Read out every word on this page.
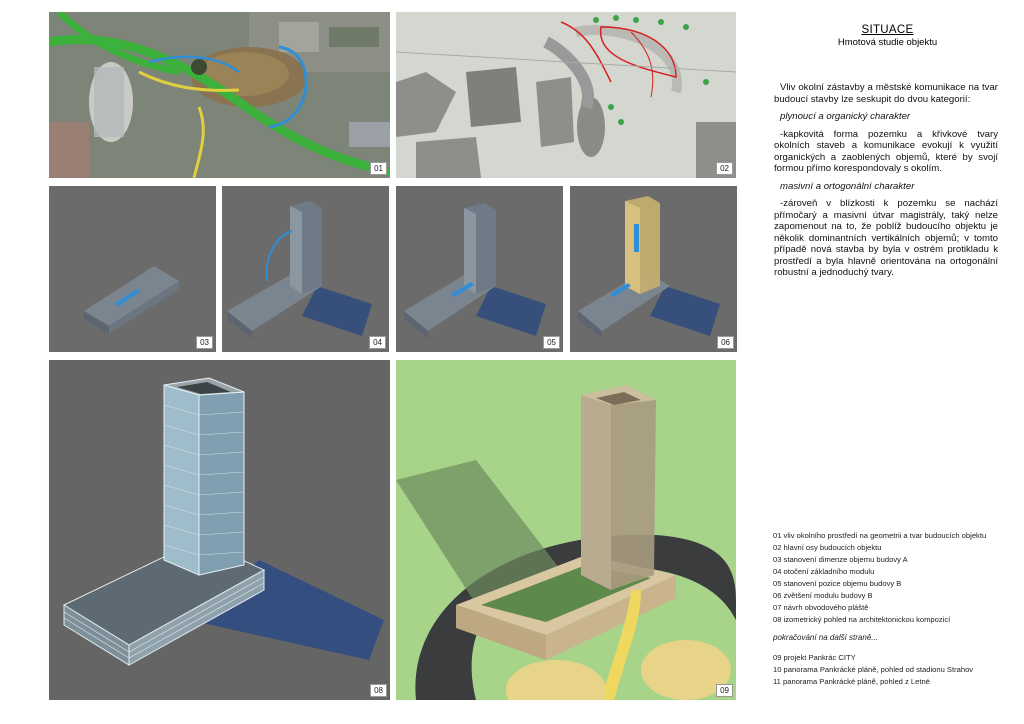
01	02
03	04	05	06
08	09
SITUACE
Hmotová studie objektu

Vliv okolní zástavby a městské komunikace na tvar budoucí stavby lze seskupit do dvou kategorií:

plynoucí a organický charakter

-kapkovitá forma pozemku a křivkové tvary okolních staveb a komunikace evokují k využití organických a zaoblených objemů, které by svojí formou přímo korespondovaly s okolím.

masivní a ortogonální charakter

-zároveň v blízkosti k pozemku se nachází přímočarý a masivní útvar magistrály, taký nelze zapomenout na to, že poblíž budoucího objektu je několik dominantních vertikálních objemů; v tomto případě nová stavba by byla v ostrém protikladu k prostředí a byla hlavně orientována na ortogonální robustní a jednoduchý tvary.

01 vliv okolního prostředí na geometrii a tvar budoucích objektu
02 hlavní osy budoucích objektu
03 stanovení dimenze objemu budovy A
04 otočení základního modulu
05 stanovení pozice objemu budovy B
06 zvětšení modulu budovy B
07 návrh obvodového pláště
08 izometrický pohled na architektonickou kompozicí
pokračování na další straně...
09 projekt Pankrác CITY
10 panorama Pankrácké pláně, pohled od stadionu Strahov
11 panorama Pankrácké pláně, pohled z Letné
